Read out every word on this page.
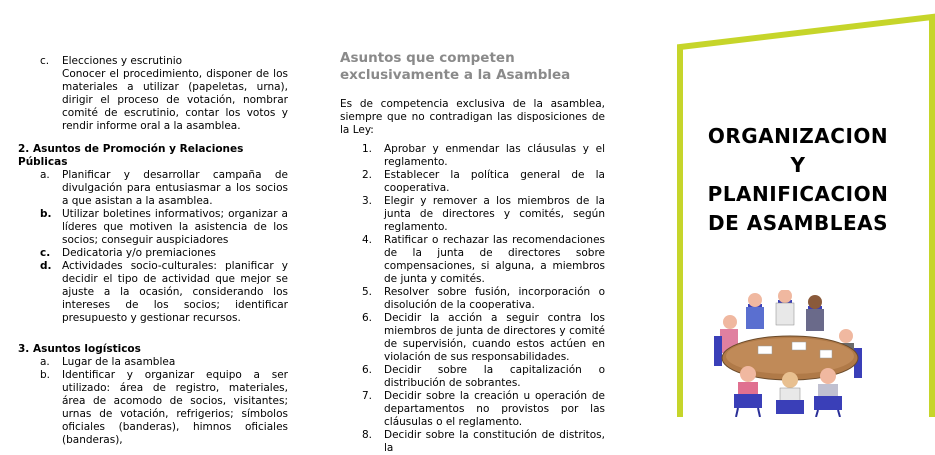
c.	Elecciones y escrutinio
Conocer el procedimiento, disponer de los materiales a utilizar (papeletas, urna), dirigir el proceso de votación, nombrar comité de escrutinio, contar los votos y rendir informe oral a la asamblea.
2. Asuntos de Promoción y Relaciones Públicas
a.	Planificar y desarrollar campaña de divulgación para entusiasmar a los socios a que asistan a la asamblea.
b. Utilizar boletines informativos; organizar a líderes que motiven la asistencia de los socios; conseguir auspiciadores
c.	Dedicatoria y/o premiaciones
d. Actividades socio-culturales: planificar y decidir el tipo de actividad que mejor se ajuste a la ocasión, considerando los intereses de los socios; identificar presupuesto y gestionar recursos.
3. Asuntos logísticos
a.	Lugar de la asamblea
b.	Identificar y organizar equipo a ser utilizado: área de registro, materiales, área de acomodo de socios, visitantes; urnas de votación, refrigerios; símbolos oficiales (banderas), himnos oficiales (banderas),
Asuntos que competen exclusivamente a la Asamblea
Es de competencia exclusiva de la asamblea, siempre que no contradigan las disposiciones de la Ley:
1.	Aprobar y enmendar las cláusulas y el reglamento.
2.	Establecer la política general de la cooperativa.
3.	Elegir y remover a los miembros de la junta de directores y comités, según reglamento.
4.	Ratificar o rechazar las recomendaciones de la junta de directores sobre compensaciones, si alguna, a miembros de junta y comités.
5.	Resolver sobre fusión, incorporación o disolución de la cooperativa.
6.	Decidir la acción a seguir contra los miembros de junta de directores y comité de supervisión, cuando estos actúen en violación de sus responsabilidades.
6.	Decidir sobre la capitalización o distribución de sobrantes.
7.	Decidir sobre la creación u operación de departamentos no provistos por las cláusulas o el reglamento.
8.	Decidir sobre la constitución de distritos, la
ORGANIZACION
Y
PLANIFICACION
DE ASAMBLEAS
